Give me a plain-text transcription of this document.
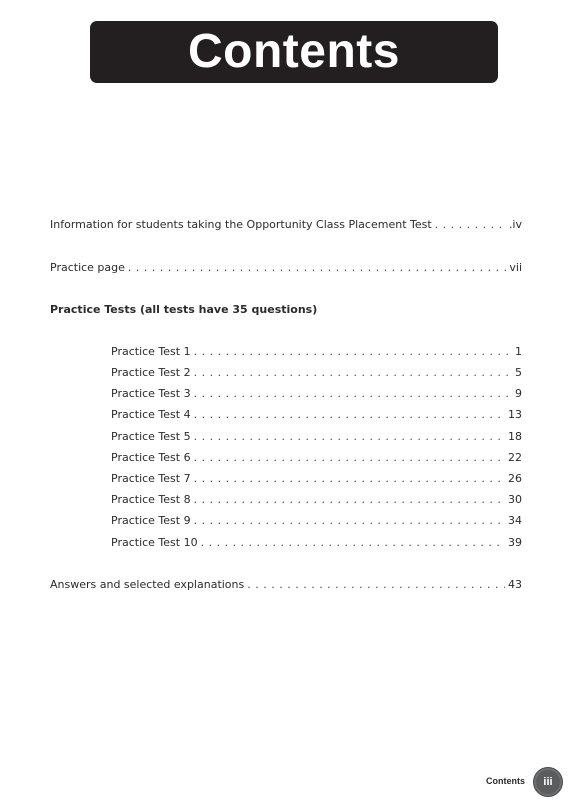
Contents
Information for students taking the Opportunity Class Placement Test . . .	.iv
Practice page . . .	vii
Practice Tests (all tests have 35 questions)
Practice Test 1 . . .	1
Practice Test 2 . . .	5
Practice Test 3 . . .	9
Practice Test 4 . . .	13
Practice Test 5 . . .	18
Practice Test 6 . . .	22
Practice Test 7 . . .	26
Practice Test 8 . . .	30
Practice Test 9 . . .	34
Practice Test 10 . . .	39
Answers and selected explanations . . .	43
Contents	iii
